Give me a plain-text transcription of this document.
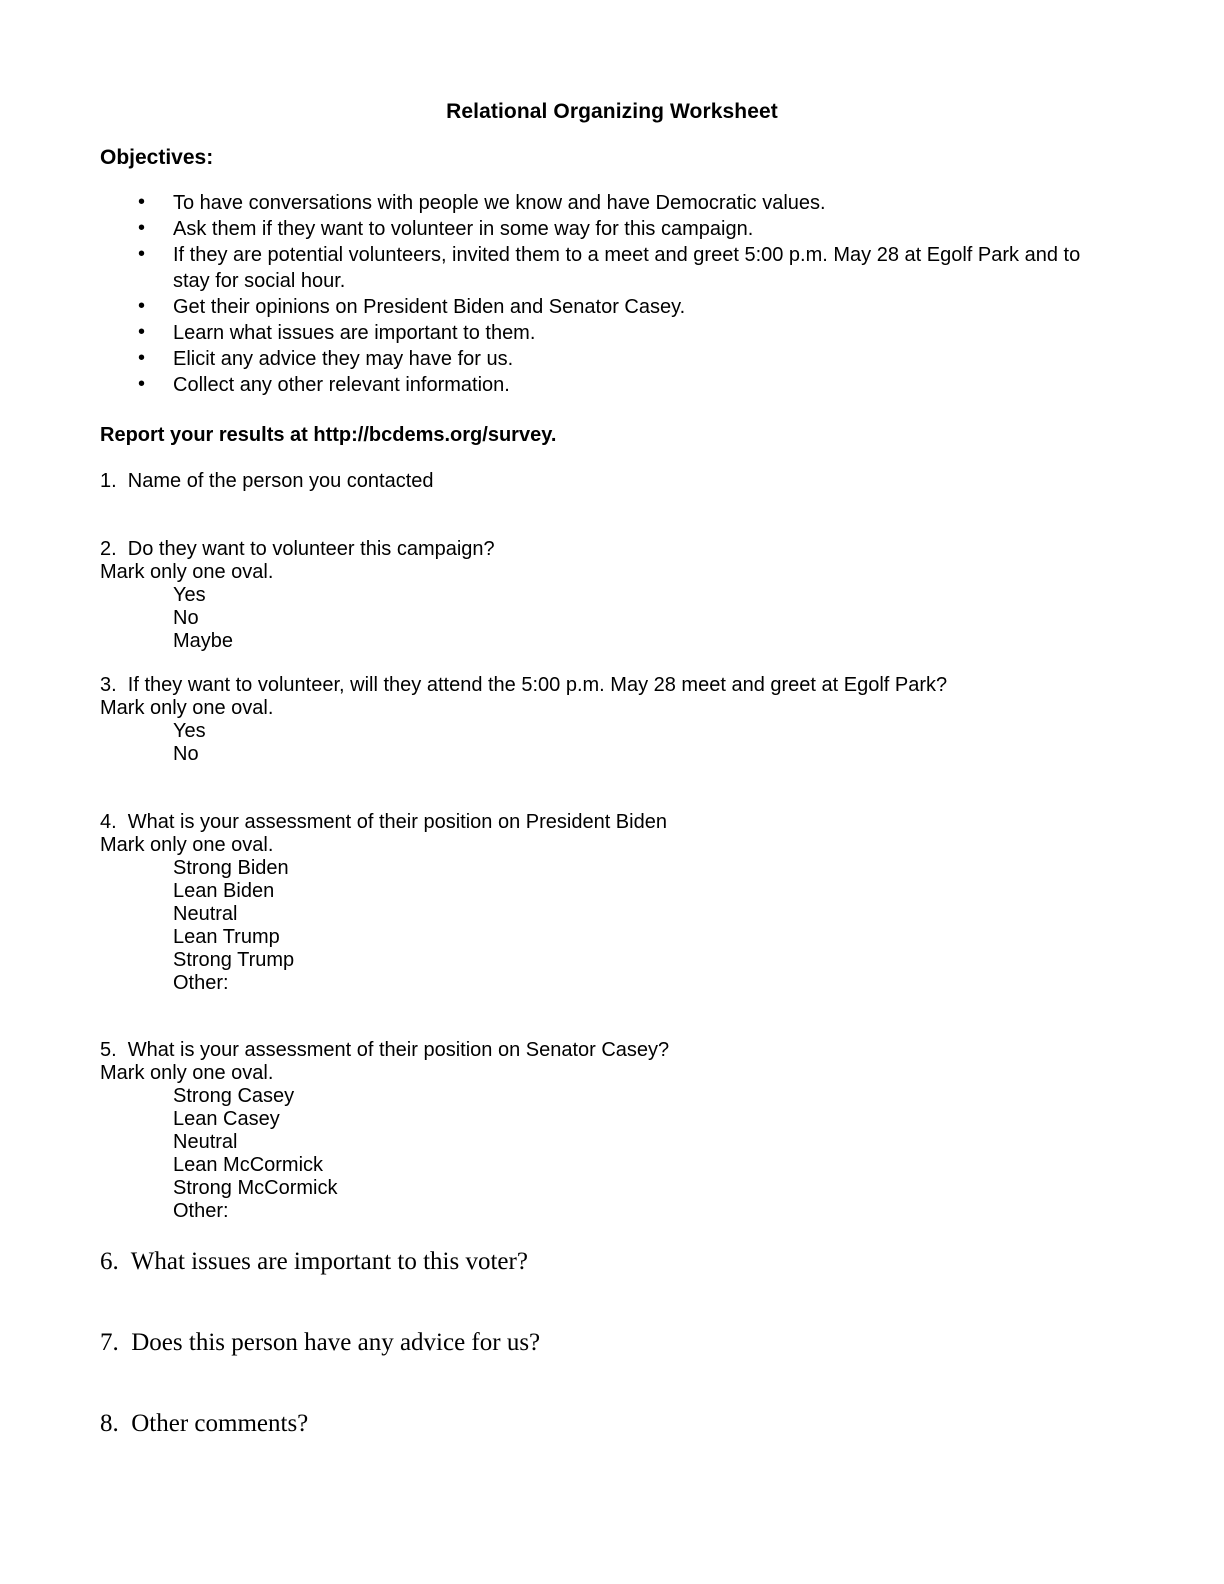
Relational Organizing Worksheet
Objectives:
• To have conversations with people we know and have Democratic values.
• Ask them if they want to volunteer in some way for this campaign.
• If they are potential volunteers, invited them to a meet and greet 5:00 p.m. May 28 at Egolf Park and to stay for social hour.
• Get their opinions on President Biden and Senator Casey.
• Learn what issues are important to them.
• Elicit any advice they may have for us.
• Collect any other relevant information.
Report your results at http://bcdems.org/survey.
1.  Name of the person you contacted
2.  Do they want to volunteer this campaign?
Mark only one oval.
Yes
No
Maybe
3.  If they want to volunteer, will they attend the 5:00 p.m. May 28 meet and greet at Egolf Park?
Mark only one oval.
Yes
No
4.  What is your assessment of their position on President Biden
Mark only one oval.
Strong Biden
Lean Biden
Neutral
Lean Trump
Strong Trump
Other:
5.  What is your assessment of their position on Senator Casey?
Mark only one oval.
Strong Casey
Lean Casey
Neutral
Lean McCormick
Strong McCormick
Other:
6.  What issues are important to this voter?
7.  Does this person have any advice for us?
8.  Other comments?
